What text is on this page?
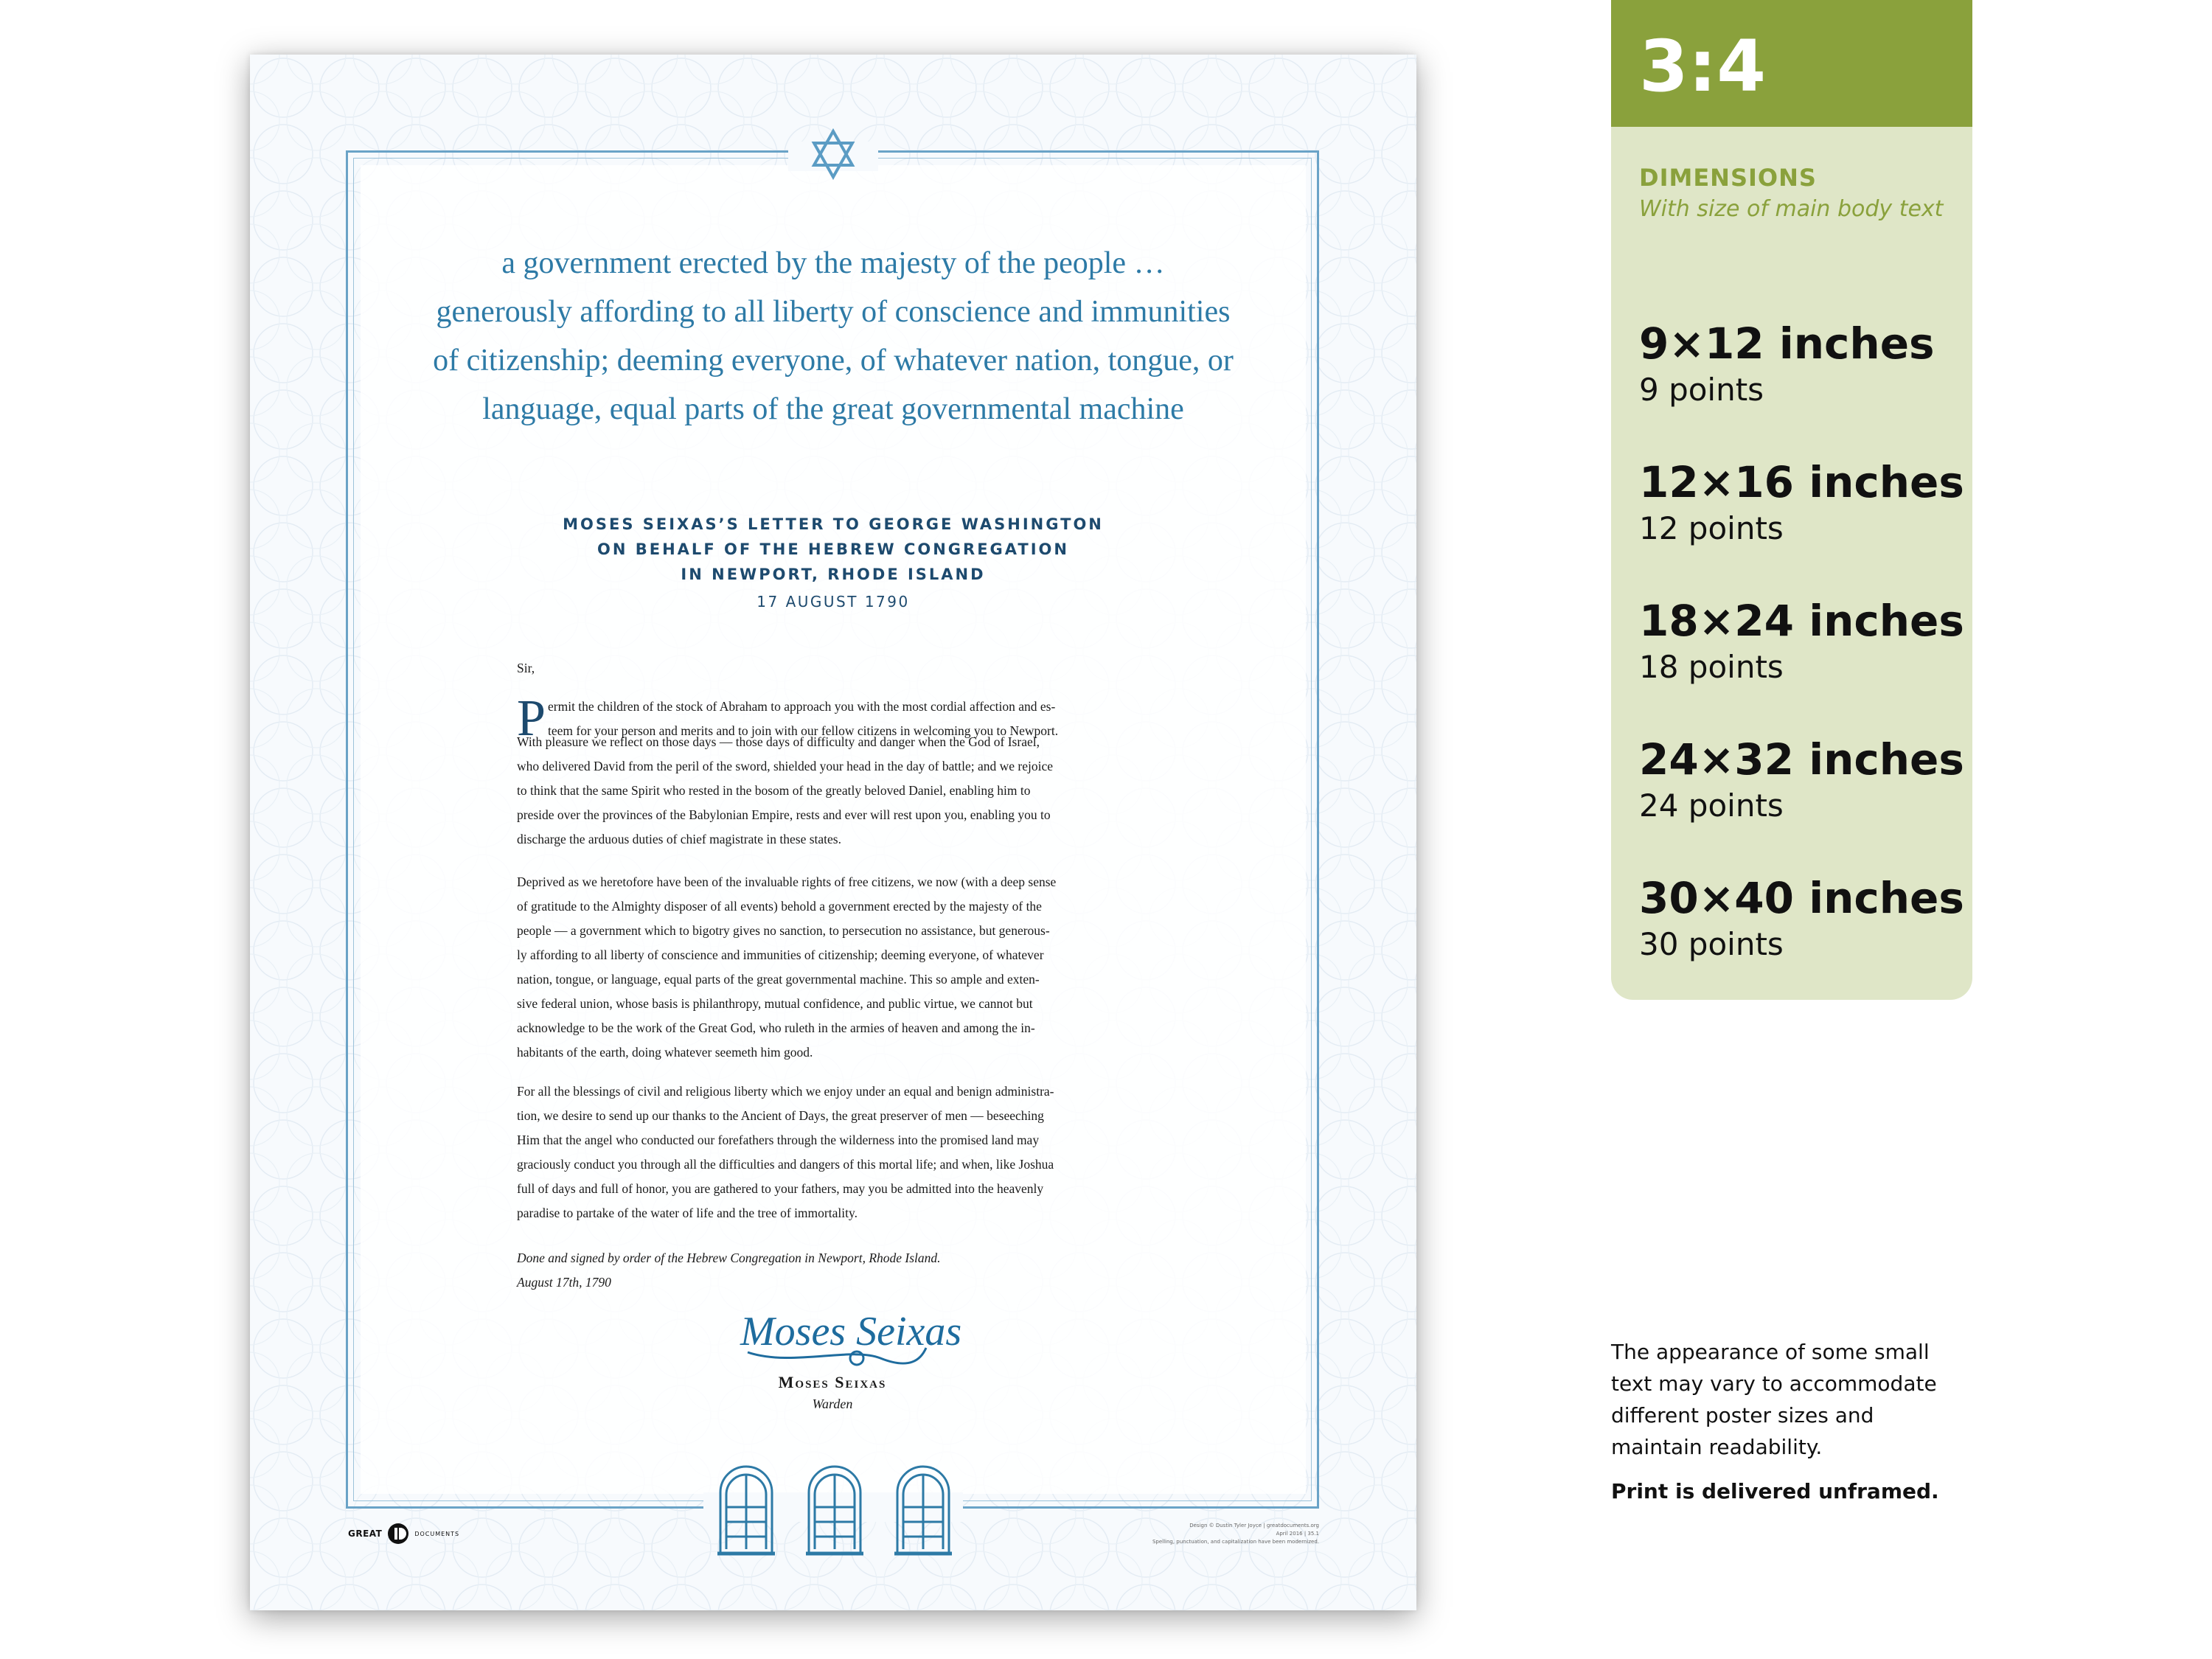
a government erected by the majesty of the people …
generously affording to all liberty of conscience and immunities
of citizenship; deeming everyone, of whatever nation, tongue, or
language, equal parts of the great governmental machine
MOSES SEIXAS’S LETTER TO GEORGE WASHINGTON
ON BEHALF OF THE HEBREW CONGREGATION
IN NEWPORT, RHODE ISLAND
17 AUGUST 1790
Sir,
P ermit the children of the stock of Abraham to approach you with the most cordial affection and es-
teem for your person and merits and to join with our fellow citizens in welcoming you to Newport.
With pleasure we reflect on those days — those days of difficulty and danger when the God of Israel,
who delivered David from the peril of the sword, shielded your head in the day of battle; and we rejoice
to think that the same Spirit who rested in the bosom of the greatly beloved Daniel, enabling him to
preside over the provinces of the Babylonian Empire, rests and ever will rest upon you, enabling you to
discharge the arduous duties of chief magistrate in these states.
Deprived as we heretofore have been of the invaluable rights of free citizens, we now (with a deep sense
of gratitude to the Almighty disposer of all events) behold a government erected by the majesty of the
people — a government which to bigotry gives no sanction, to persecution no assistance, but generous-
ly affording to all liberty of conscience and immunities of citizenship; deeming everyone, of whatever
nation, tongue, or language, equal parts of the great governmental machine. This so ample and exten-
sive federal union, whose basis is philanthropy, mutual confidence, and public virtue, we cannot but
acknowledge to be the work of the Great God, who ruleth in the armies of heaven and among the in-
habitants of the earth, doing whatever seemeth him good.
For all the blessings of civil and religious liberty which we enjoy under an equal and benign administra-
tion, we desire to send up our thanks to the Ancient of Days, the great preserver of men — beseeching
Him that the angel who conducted our forefathers through the wilderness into the promised land may
graciously conduct you through all the difficulties and dangers of this mortal life; and when, like Joshua
full of days and full of honor, you are gathered to your fathers, may you be admitted into the heavenly
paradise to partake of the water of life and the tree of immortality.
Done and signed by order of the Hebrew Congregation in Newport, Rhode Island.
August 17th, 1790
Moses Seixas
Moses Seixas
Warden
GREAT	DOCUMENTS
Design © Dustin Tyler Joyce | greatdocuments.org
April 2016 | 35.1
Spelling, punctuation, and capitalization have been modernized.
3:4
DIMENSIONS
With size of main body text
9×12 inches
9 points
12×16 inches
12 points
18×24 inches
18 points
24×32 inches
24 points
30×40 inches
30 points
The appearance of some small
text may vary to accommodate
different poster sizes and
maintain readability.
Print is delivered unframed.
